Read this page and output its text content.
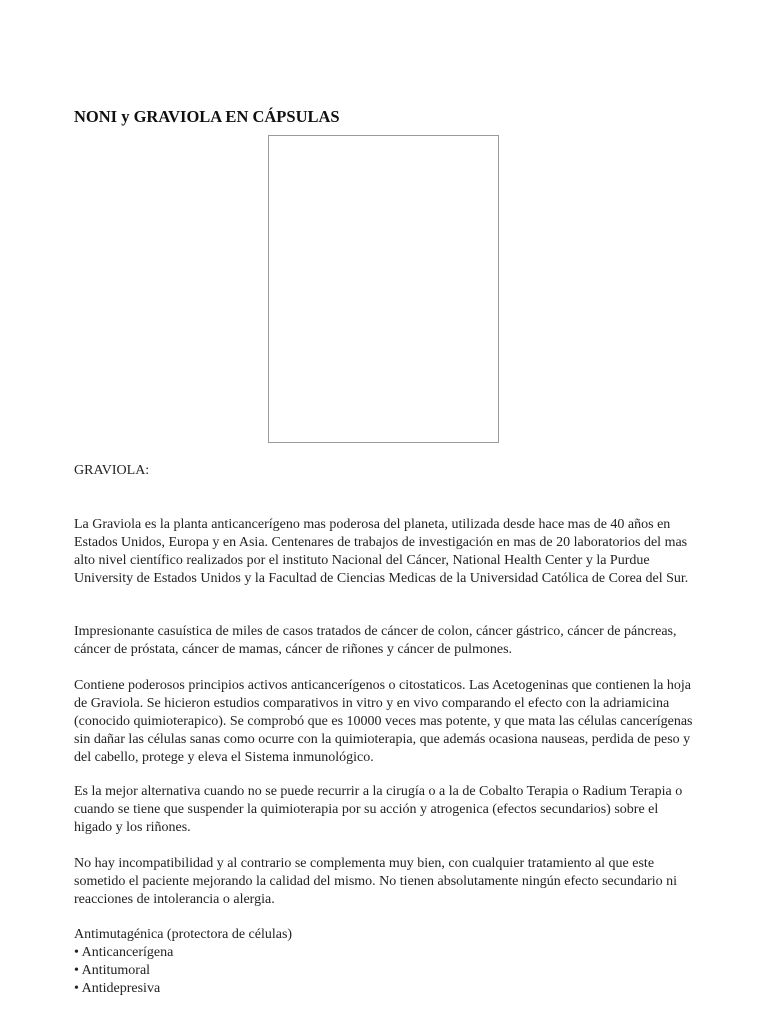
NONI y GRAVIOLA EN CÁPSULAS

GRAVIOLA:

La Graviola es la planta anticancerígeno mas poderosa del planeta, utilizada desde hace mas de 40 años en Estados Unidos, Europa y en Asia. Centenares de trabajos de investigación en mas de 20 laboratorios del mas alto nivel científico realizados por el instituto Nacional del Cáncer, National Health Center y la Purdue University de Estados Unidos y la Facultad de Ciencias Medicas de la Universidad Católica de Corea del Sur.

Impresionante casuística de miles de casos tratados de cáncer de colon, cáncer gástrico, cáncer de páncreas, cáncer de próstata, cáncer de mamas, cáncer de riñones y cáncer de pulmones.

Contiene poderosos principios activos anticancerígenos o citostaticos. Las Acetogeninas que contienen la hoja de Graviola. Se hicieron estudios comparativos in vitro y en vivo comparando el efecto con la adriamicina (conocido quimioterapico). Se comprobó que es 10000 veces mas potente, y que mata las células cancerígenas sin dañar las células sanas como ocurre con la quimioterapia, que además ocasiona nauseas, perdida de peso y del cabello, protege y eleva el Sistema inmunológico.

Es la mejor alternativa cuando no se puede recurrir a la cirugía o a la de Cobalto Terapia o Radium Terapia o cuando se tiene que suspender la quimioterapia por su acción y atrogenica (efectos secundarios) sobre el higado y los riñones.

No hay incompatibilidad y al contrario se complementa muy bien, con cualquier tratamiento al que este sometido el paciente mejorando la calidad del mismo. No tienen absolutamente ningún efecto secundario ni reacciones de intolerancia o alergia.

Antimutagénica (protectora de células)
• Anticancerígena
• Antitumoral
• Antidepresiva
